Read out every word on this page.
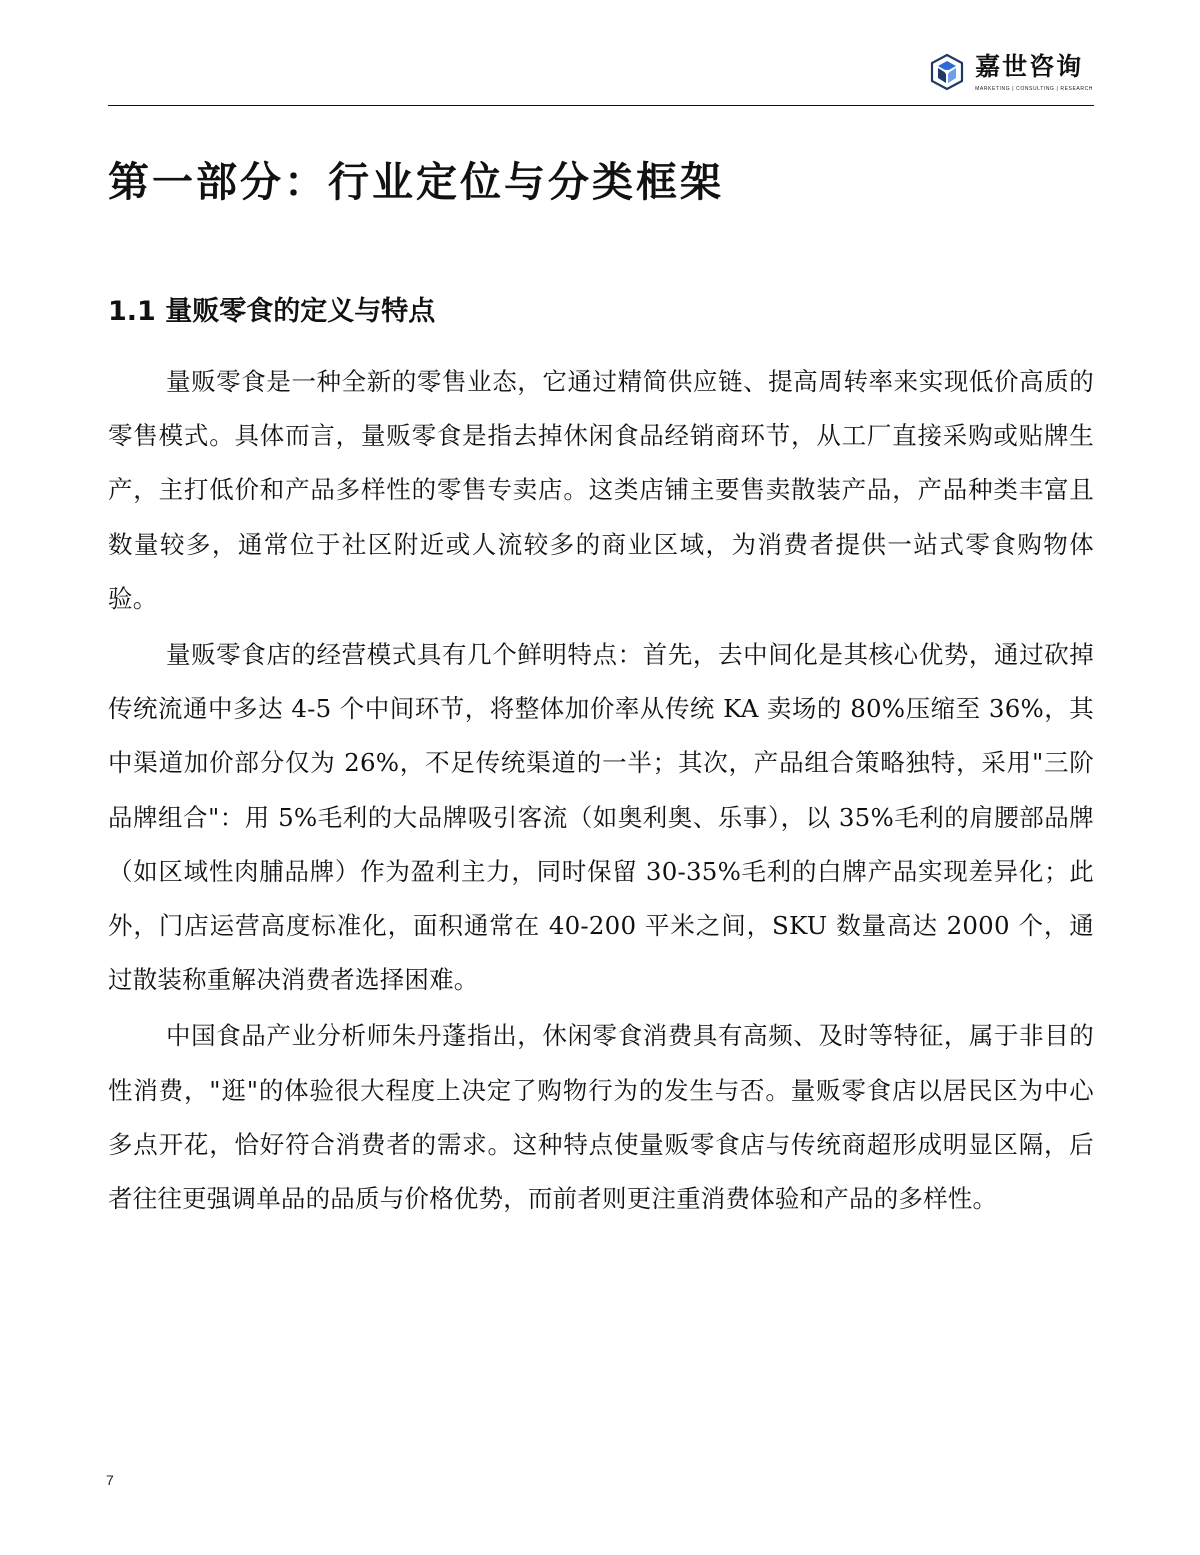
嘉世咨询
MARKETING | CONSULTING | RESEARCH
第一部分：行业定位与分类框架
1.1 量贩零食的定义与特点

量贩零食是一种全新的零售业态，它通过精简供应链、提高周转率来实现低价高质的零售模式。具体而言，量贩零食是指去掉休闲食品经销商环节，从工厂直接采购或贴牌生产，主打低价和产品多样性的零售专卖店。这类店铺主要售卖散装产品，产品种类丰富且数量较多，通常位于社区附近或人流较多的商业区域，为消费者提供一站式零食购物体验。

量贩零食店的经营模式具有几个鲜明特点：首先，去中间化是其核心优势，通过砍掉传统流通中多达 4-5 个中间环节，将整体加价率从传统 KA 卖场的 80%压缩至 36%，其中渠道加价部分仅为 26%，不足传统渠道的一半；其次，产品组合策略独特，采用"三阶品牌组合"：用 5%毛利的大品牌吸引客流（如奥利奥、乐事），以 35%毛利的肩腰部品牌（如区域性肉脯品牌）作为盈利主力，同时保留 30-35%毛利的白牌产品实现差异化；此外，门店运营高度标准化，面积通常在 40-200 平米之间，SKU 数量高达 2000 个，通过散装称重解决消费者选择困难。

中国食品产业分析师朱丹蓬指出，休闲零食消费具有高频、及时等特征，属于非目的性消费，"逛"的体验很大程度上决定了购物行为的发生与否。量贩零食店以居民区为中心多点开花，恰好符合消费者的需求。这种特点使量贩零食店与传统商超形成明显区隔，后者往往更强调单品的品质与价格优势，而前者则更注重消费体验和产品的多样性。

7
